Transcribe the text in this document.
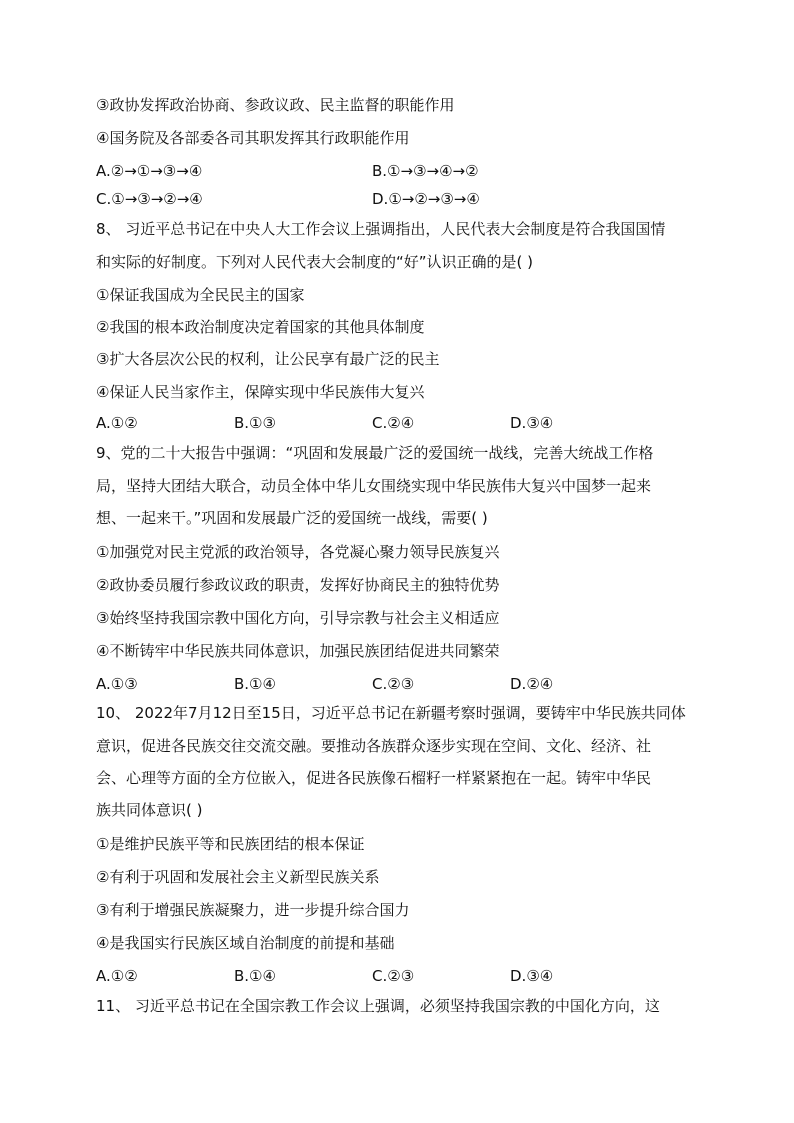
③政协发挥政治协商、参政议政、民主监督的职能作用
④国务院及各部委各司其职发挥其行政职能作用
A.②→①→③→④	B.①→③→④→②
C.①→③→②→④	D.①→②→③→④
8、 习近平总书记在中央人大工作会议上强调指出，人民代表大会制度是符合我国国情
和实际的好制度。下列对人民代表大会制度的“好”认识正确的是( )
①保证我国成为全民民主的国家
②我国的根本政治制度决定着国家的其他具体制度
③扩大各层次公民的权利，让公民享有最广泛的民主
④保证人民当家作主，保障实现中华民族伟大复兴
A.①②	B.①③	C.②④	D.③④
9、党的二十大报告中强调：“巩固和发展最广泛的爱国统一战线，完善大统战工作格
局，坚持大团结大联合，动员全体中华儿女围绕实现中华民族伟大复兴中国梦一起来
想、一起来干。”巩固和发展最广泛的爱国统一战线，需要( )
①加强党对民主党派的政治领导，各党凝心聚力领导民族复兴
②政协委员履行参政议政的职责，发挥好协商民主的独特优势
③始终坚持我国宗教中国化方向，引导宗教与社会主义相适应
④不断铸牢中华民族共同体意识，加强民族团结促进共同繁荣
A.①③	B.①④	C.②③	D.②④
10、 2022年7月12日至15日，习近平总书记在新疆考察时强调，要铸牢中华民族共同体
意识，促进各民族交往交流交融。要推动各族群众逐步实现在空间、文化、经济、社
会、心理等方面的全方位嵌入，促进各民族像石榴籽一样紧紧抱在一起。铸牢中华民
族共同体意识( )
①是维护民族平等和民族团结的根本保证
②有利于巩固和发展社会主义新型民族关系
③有利于增强民族凝聚力，进一步提升综合国力
④是我国实行民族区域自治制度的前提和基础
A.①②	B.①④	C.②③	D.③④
11、 习近平总书记在全国宗教工作会议上强调，必须坚持我国宗教的中国化方向，这
